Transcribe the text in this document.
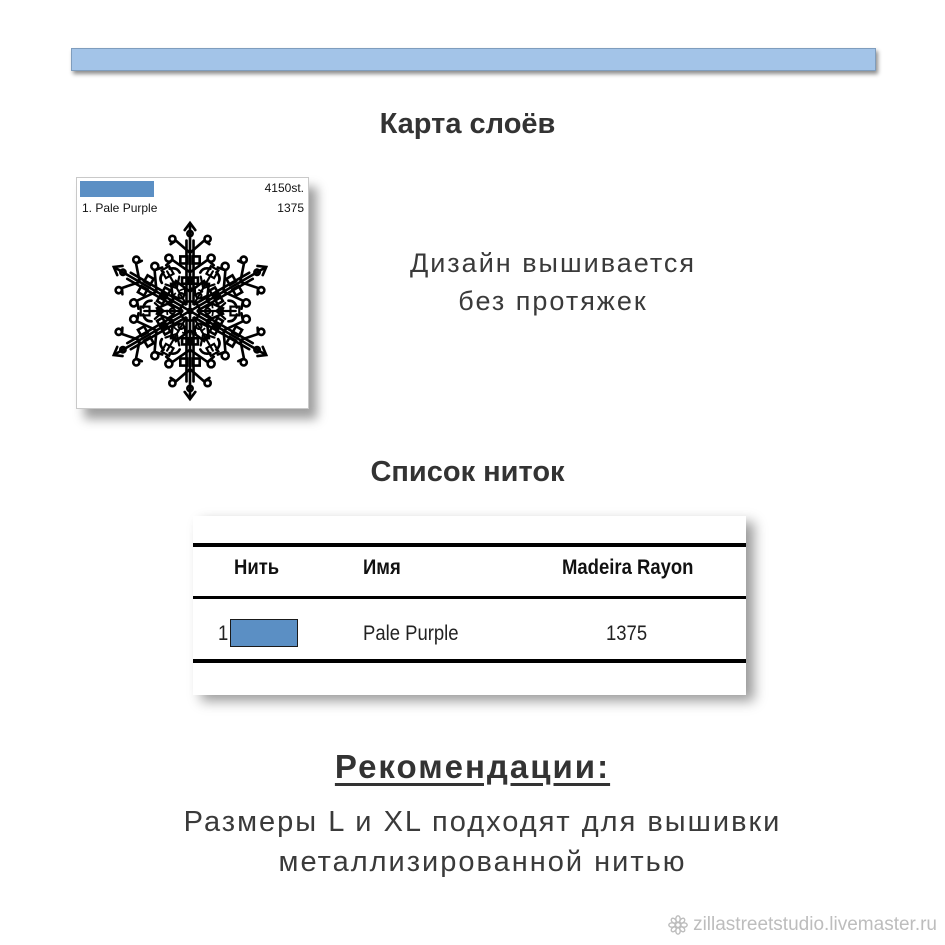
Карта слоёв
4150st.
1. Pale Purple	1375
Дизайн вышивается
без протяжек
Список ниток
Нить	Имя	Madeira Rayon
1	Pale Purple	1375
Рекомендации:
Размеры L и XL подходят для вышивки
металлизированной нитью
zillastreetstudio.livemaster.ru
